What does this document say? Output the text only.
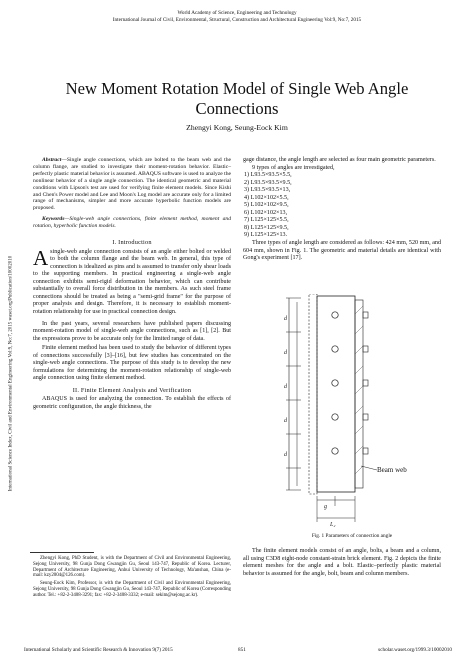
World Academy of Science, Engineering and Technology
International Journal of Civil, Environmental, Structural, Construction and Architectural Engineering Vol:9, No:7, 2015
New Moment Rotation Model of Single Web Angle Connections
Zhengyi Kong, Seung-Eock Kim
International Science Index, Civil and Environmental Engineering Vol:9, No:7, 2015 waset.org/Publication/10002010

Abstract—Single angle connections, which are bolted to the beam web and the column flange, are studied to investigate their moment-rotation behavior. Elastic–perfectly plastic material behavior is assumed. ABAQUS software is used to analyze the nonlinear behavior of a single angle connection. The identical geometric and material conditions with Lipson's test are used for verifying finite element models. Since Kishi and Chen's Power model and Lee and Moon's Log model are accurate only for a limited range of mechanisms, simpler and more accurate hyperbolic function models are proposed.

Keywords—Single-web angle connections, finite element method, moment and rotation, hyperbolic function models.

I. Introduction

Asingle-web angle connection consists of an angle either bolted or welded to both the column flange and the beam web. In general, this type of connection is idealized as pins and is assumed to transfer only shear loads to the supporting members. In practical engineering a single-web angle connection exhibits semi-rigid deformation behavior, which can contribute substantially to overall force distribution in the members. As such steel frame connections should be treated as being a "semi-grid frame" for the purpose of proper analysis and design. Therefore, it is necessary to establish moment-rotation relationship for use in practical connection design.

In the past years, several researchers have published papers discussing moment-rotation model of single-web angle connections, such as [1], [2]. But the expressions prove to be accurate only for the limited range of data.

Finite element method has been used to study the behavior of different types of connections successfully [3]–[16], but few studies has concentrated on the single-web angle connections. The purpose of this study is to develop the new formulations for determining the moment-rotation relationship of single-web angle connection using finite element method.

II. Finite Element Analysis and Verification

ABAQUS is used for analyzing the connection. To establish the effects of geometric configuration, the angle thickness, the

Zhengyi Kong, PhD Student, is with the Department of Civil and Environmental Engineering, Sejong University, 98 Gunja Dong Gwangjin Gu, Seoul 143-747, Republic of Korea. Lecturer, Department of Architecture Engineering, Anhui University of Technology, Ma'anshan, China (e-mail: kzy2004@126.com).

Seung-Eock Kim, Professor, is with the Department of Civil and Environmental Engineering, Sejong University, 98 Gunja Dong Gwangjin Gu, Seoul 143-747, Republic of Korea (Corresponding author. Tel.: +82-2-3408-3291; fax: +82-2-3408-3332; e-mail: sekim@sejong.ac.kr).

gage distance, the angle length are selected as four main geometric parameters.

9 types of angles are investigated,

1) L93.5×93.5×5.5,

2) L93.5×93.5×9.5,

3) L93.5×93.5×13,

4) L102×102×5.5,

5) L102×102×9.5,

6) L102×102×13,

7) L125×125×5.5,

8) L125×125×9.5,

9) L125×125×13.

Three types of angle length are considered as follows: 424 mm, 520 mm, and 604 mm, shown in Fig. 1. The geometric and material details are identical with Gong's experiment [17].

d
d
d
d
d
Beam web
g
L₂
Fig. 1 Parameters of connection angle

The finite element models consist of an angle, bolts, a beam and a column, all using C3D8 eight-node constant-strain brick element. Fig. 2 depicts the finite element meshes for the angle and a bolt. Elastic–perfectly plastic material behavior is assumed for the angle, bolt, beam and column members.

International Scholarly and Scientific Research & Innovation 9(7) 2015	851	scholar.waset.org/1999.3/10002010
